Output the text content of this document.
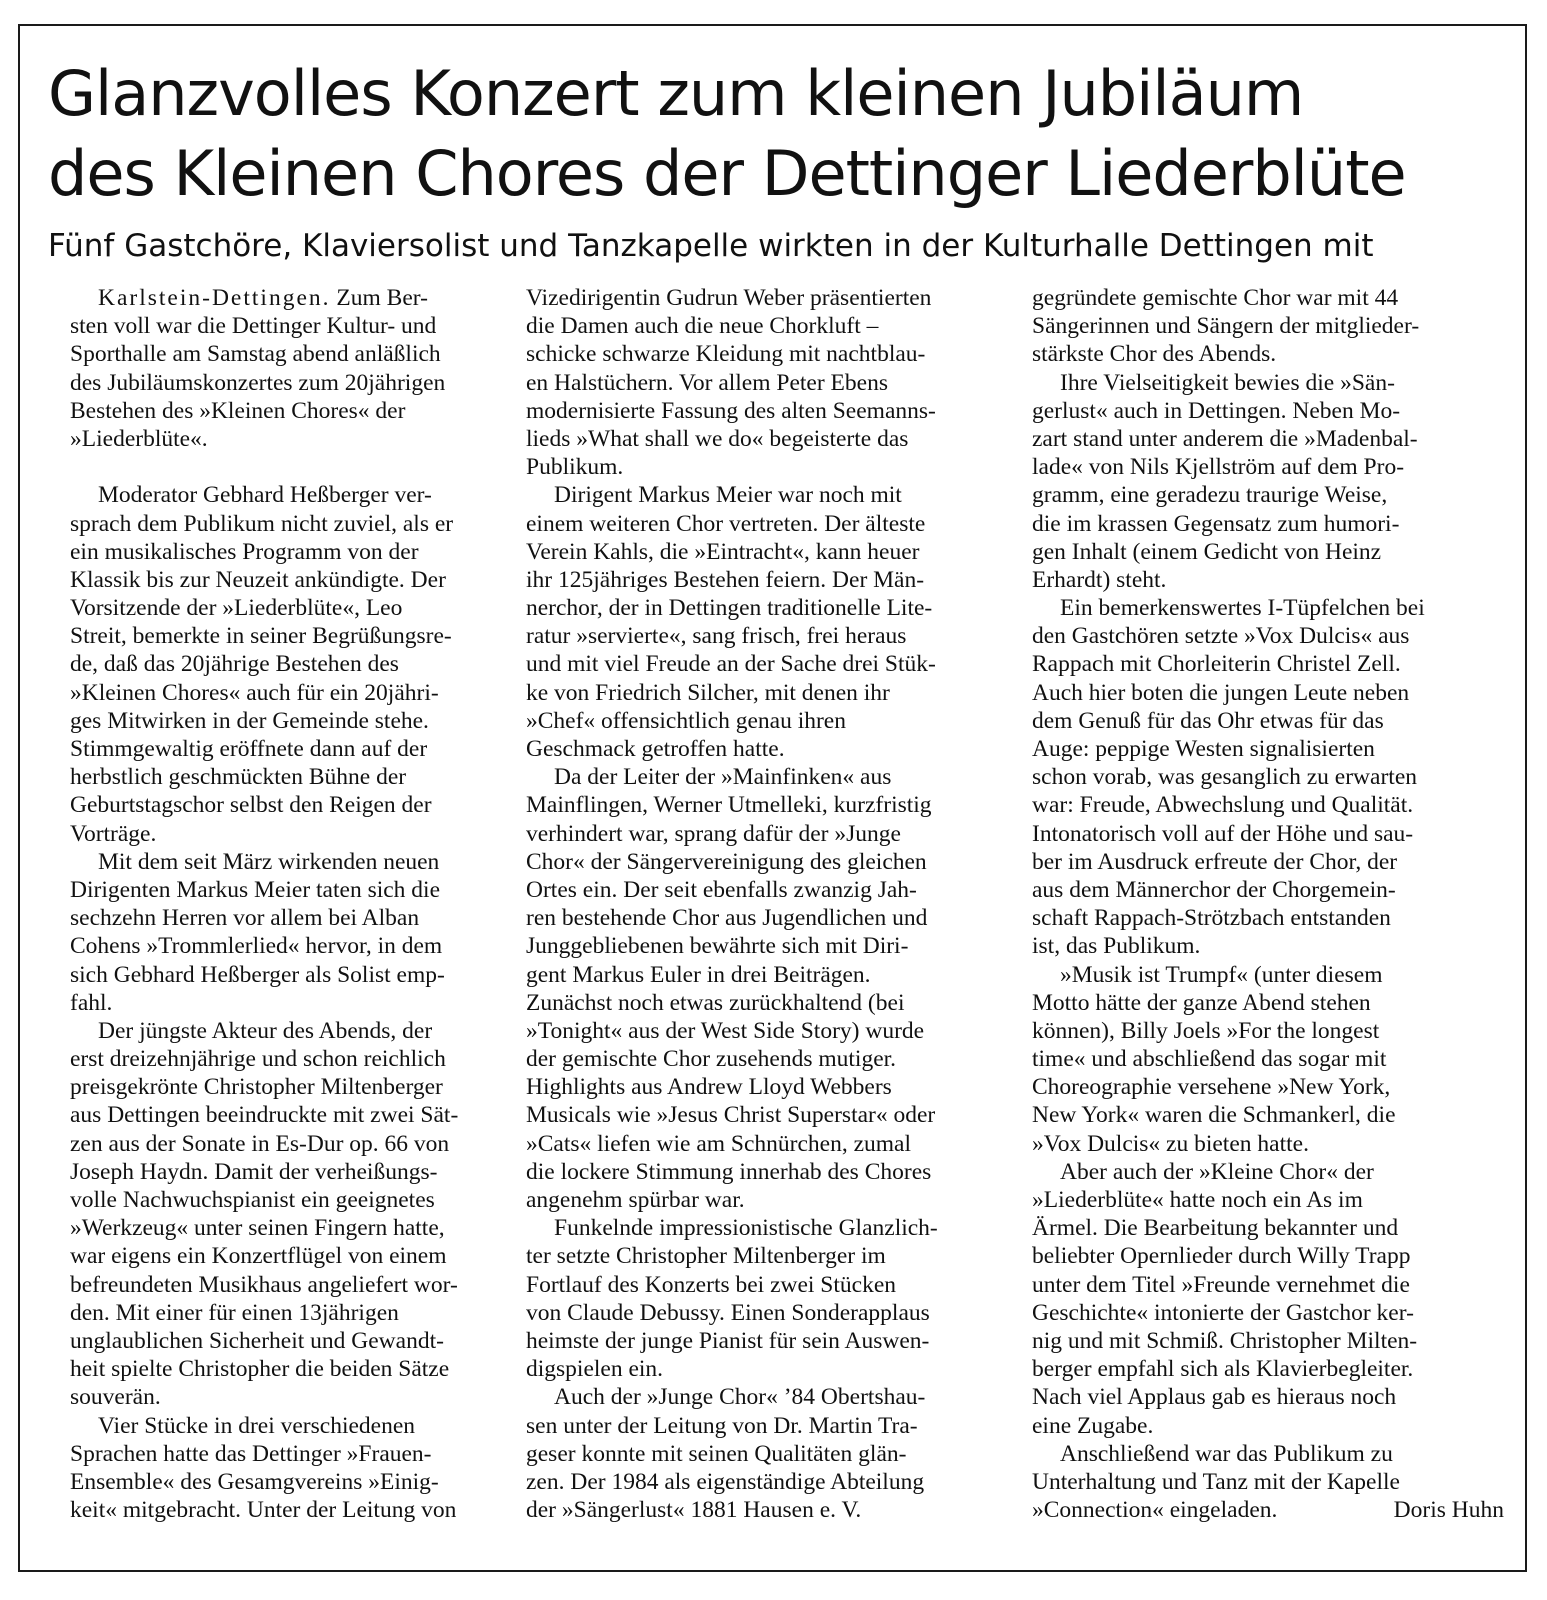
Glanzvolles Konzert zum kleinen Jubiläum
des Kleinen Chores der Dettinger Liederblüte
Fünf Gastchöre, Klaviersolist und Tanzkapelle wirkten in der Kulturhalle Dettingen mit
Karlstein-Dettingen. Zum Ber-
sten voll war die Dettinger Kultur- und
Sporthalle am Samstag abend anläßlich
des Jubiläumskonzertes zum 20jährigen
Bestehen des »Kleinen Chores« der
»Liederblüte«.
Moderator Gebhard Heßberger ver-
sprach dem Publikum nicht zuviel, als er
ein musikalisches Programm von der
Klassik bis zur Neuzeit ankündigte. Der
Vorsitzende der »Liederblüte«, Leo
Streit, bemerkte in seiner Begrüßungsre-
de, daß das 20jährige Bestehen des
»Kleinen Chores« auch für ein 20jähri-
ges Mitwirken in der Gemeinde stehe.
Stimmgewaltig eröffnete dann auf der
herbstlich geschmückten Bühne der
Geburtstagschor selbst den Reigen der
Vorträge.
Mit dem seit März wirkenden neuen
Dirigenten Markus Meier taten sich die
sechzehn Herren vor allem bei Alban
Cohens »Trommlerlied« hervor, in dem
sich Gebhard Heßberger als Solist emp-
fahl.
Der jüngste Akteur des Abends, der
erst dreizehnjährige und schon reichlich
preisgekrönte Christopher Miltenberger
aus Dettingen beeindruckte mit zwei Sät-
zen aus der Sonate in Es-Dur op. 66 von
Joseph Haydn. Damit der verheißungs-
volle Nachwuchspianist ein geeignetes
»Werkzeug« unter seinen Fingern hatte,
war eigens ein Konzertflügel von einem
befreundeten Musikhaus angeliefert wor-
den. Mit einer für einen 13jährigen
unglaublichen Sicherheit und Gewandt-
heit spielte Christopher die beiden Sätze
souverän.
Vier Stücke in drei verschiedenen
Sprachen hatte das Dettinger »Frauen-
Ensemble« des Gesamgvereins »Einig-
keit« mitgebracht. Unter der Leitung von
Vizedirigentin Gudrun Weber präsentierten
die Damen auch die neue Chorkluft –
schicke schwarze Kleidung mit nachtblau-
en Halstüchern. Vor allem Peter Ebens
modernisierte Fassung des alten Seemanns-
lieds »What shall we do« begeisterte das
Publikum.
Dirigent Markus Meier war noch mit
einem weiteren Chor vertreten. Der älteste
Verein Kahls, die »Eintracht«, kann heuer
ihr 125jähriges Bestehen feiern. Der Män-
nerchor, der in Dettingen traditionelle Lite-
ratur »servierte«, sang frisch, frei heraus
und mit viel Freude an der Sache drei Stük-
ke von Friedrich Silcher, mit denen ihr
»Chef« offensichtlich genau ihren
Geschmack getroffen hatte.
Da der Leiter der »Mainfinken« aus
Mainflingen, Werner Utmelleki, kurzfristig
verhindert war, sprang dafür der »Junge
Chor« der Sängervereinigung des gleichen
Ortes ein. Der seit ebenfalls zwanzig Jah-
ren bestehende Chor aus Jugendlichen und
Junggebliebenen bewährte sich mit Diri-
gent Markus Euler in drei Beiträgen.
Zunächst noch etwas zurückhaltend (bei
»Tonight« aus der West Side Story) wurde
der gemischte Chor zusehends mutiger.
Highlights aus Andrew Lloyd Webbers
Musicals wie »Jesus Christ Superstar« oder
»Cats« liefen wie am Schnürchen, zumal
die lockere Stimmung innerhab des Chores
angenehm spürbar war.
Funkelnde impressionistische Glanzlich-
ter setzte Christopher Miltenberger im
Fortlauf des Konzerts bei zwei Stücken
von Claude Debussy. Einen Sonderapplaus
heimste der junge Pianist für sein Auswen-
digspielen ein.
Auch der »Junge Chor« ’84 Obertshau-
sen unter der Leitung von Dr. Martin Tra-
geser konnte mit seinen Qualitäten glän-
zen. Der 1984 als eigenständige Abteilung
der »Sängerlust« 1881 Hausen e. V.
gegründete gemischte Chor war mit 44
Sängerinnen und Sängern der mitglieder-
stärkste Chor des Abends.
Ihre Vielseitigkeit bewies die »Sän-
gerlust« auch in Dettingen. Neben Mo-
zart stand unter anderem die »Madenbal-
lade« von Nils Kjellström auf dem Pro-
gramm, eine geradezu traurige Weise,
die im krassen Gegensatz zum humori-
gen Inhalt (einem Gedicht von Heinz
Erhardt) steht.
Ein bemerkenswertes I-Tüpfelchen bei
den Gastchören setzte »Vox Dulcis« aus
Rappach mit Chorleiterin Christel Zell.
Auch hier boten die jungen Leute neben
dem Genuß für das Ohr etwas für das
Auge: peppige Westen signalisierten
schon vorab, was gesanglich zu erwarten
war: Freude, Abwechslung und Qualität.
Intonatorisch voll auf der Höhe und sau-
ber im Ausdruck erfreute der Chor, der
aus dem Männerchor der Chorgemein-
schaft Rappach-Strötzbach entstanden
ist, das Publikum.
»Musik ist Trumpf« (unter diesem
Motto hätte der ganze Abend stehen
können), Billy Joels »For the longest
time« und abschließend das sogar mit
Choreographie versehene »New York,
New York« waren die Schmankerl, die
»Vox Dulcis« zu bieten hatte.
Aber auch der »Kleine Chor« der
»Liederblüte« hatte noch ein As im
Ärmel. Die Bearbeitung bekannter und
beliebter Opernlieder durch Willy Trapp
unter dem Titel »Freunde vernehmet die
Geschichte« intonierte der Gastchor ker-
nig und mit Schmiß. Christopher Milten-
berger empfahl sich als Klavierbegleiter.
Nach viel Applaus gab es hieraus noch
eine Zugabe.
Anschließend war das Publikum zu
Unterhaltung und Tanz mit der Kapelle
»Connection« eingeladen.	Doris Huhn
